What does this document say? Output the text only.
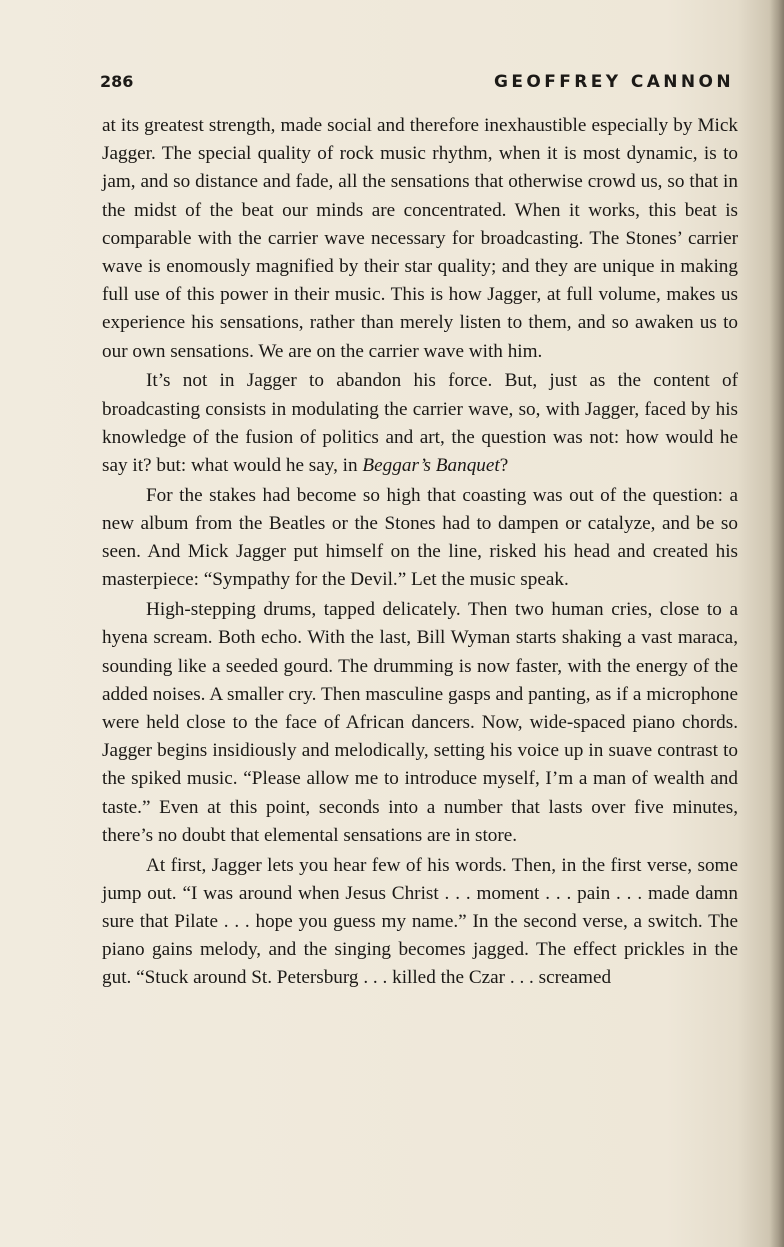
286	GEOFFREY CANNON

at its greatest strength, made social and therefore inexhaustible especially by Mick Jagger. The special quality of rock music rhythm, when it is most dynamic, is to jam, and so distance and fade, all the sensations that otherwise crowd us, so that in the midst of the beat our minds are concentrated. When it works, this beat is comparable with the carrier wave necessary for broadcasting. The Stones’ carrier wave is enomously magnified by their star quality; and they are unique in making full use of this power in their music. This is how Jagger, at full volume, makes us experience his sensations, rather than merely listen to them, and so awaken us to our own sensations. We are on the carrier wave with him.

It’s not in Jagger to abandon his force. But, just as the content of broadcasting consists in modulating the carrier wave, so, with Jagger, faced by his knowledge of the fusion of politics and art, the question was not: how would he say it? but: what would he say, in Beggar’s Banquet?

For the stakes had become so high that coasting was out of the question: a new album from the Beatles or the Stones had to dampen or catalyze, and be so seen. And Mick Jagger put himself on the line, risked his head and created his masterpiece: “Sympathy for the Devil.” Let the music speak.

High-stepping drums, tapped delicately. Then two human cries, close to a hyena scream. Both echo. With the last, Bill Wyman starts shaking a vast maraca, sounding like a seeded gourd. The drumming is now faster, with the energy of the added noises. A smaller cry. Then masculine gasps and panting, as if a microphone were held close to the face of African dancers. Now, wide-spaced piano chords. Jagger begins insidiously and melodically, setting his voice up in suave contrast to the spiked music. “Please allow me to introduce myself, I’m a man of wealth and taste.” Even at this point, seconds into a number that lasts over five minutes, there’s no doubt that elemental sensations are in store.

At first, Jagger lets you hear few of his words. Then, in the first verse, some jump out. “I was around when Jesus Christ . . . moment . . . pain . . . made damn sure that Pilate . . . hope you guess my name.” In the second verse, a switch. The piano gains melody, and the singing becomes jagged. The effect prickles in the gut. “Stuck around St. Petersburg . . . killed the Czar . . . screamed
